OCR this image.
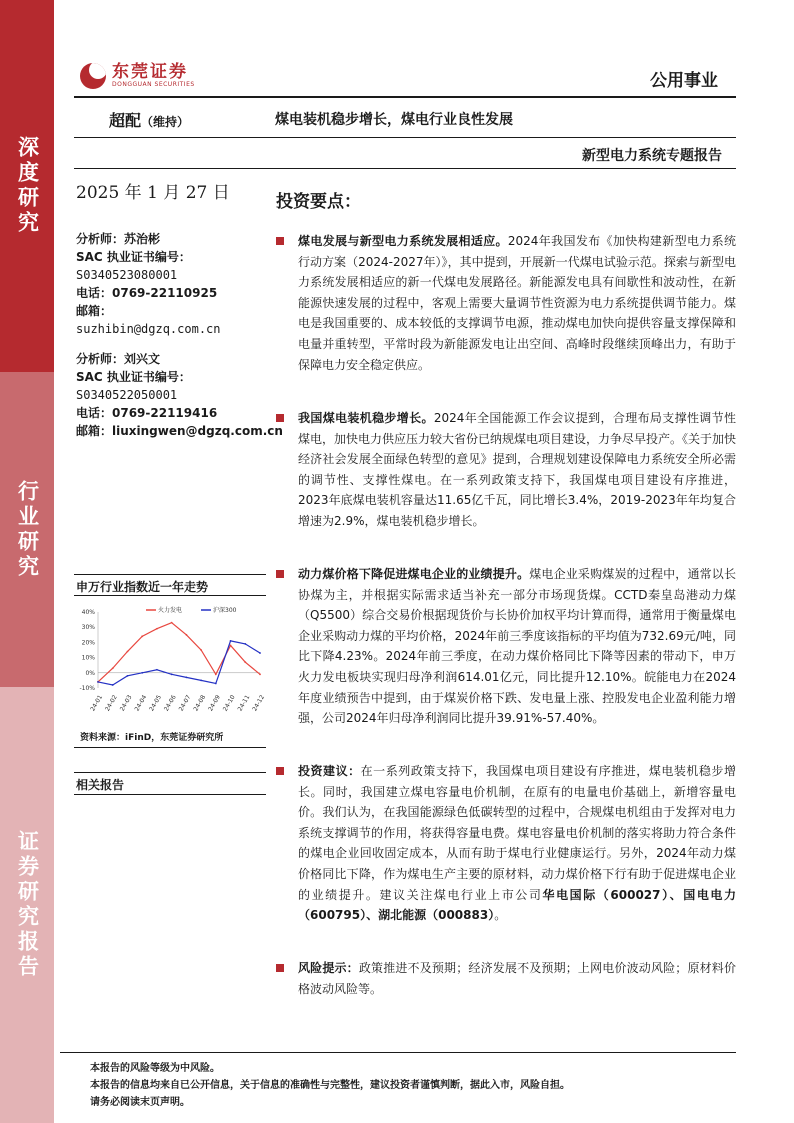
深度研究
行业研究
证券研究报告
东莞证券
DONGGUAN SECURITIES	公用事业
超配（维持）	煤电装机稳步增长，煤电行业良性发展
新型电力系统专题报告
2025 年 1 月 27 日
分析师：苏治彬
SAC 执业证书编号：
S0340523080001
电话：0769-22110925
邮箱：
suzhibin@dgzq.com.cn
分析师：刘兴文
SAC 执业证书编号：
S0340522050001
电话：0769-22119416
邮箱：liuxingwen@dgzq.com.cn
申万行业指数近一年走势
40%
30%
20%
10%
0%
-10%
24-01 24-02 24-03 24-04 24-05 24-06 24-07 24-08 24-09 24-10 24-11 24-12
火力发电	沪深300
资料来源：iFinD，东莞证券研究所
相关报告
投资要点：
煤电发展与新型电力系统发展相适应。2024年我国发布《加快构建新型电力系统行动方案（2024-2027年）》，其中提到，开展新一代煤电试验示范。探索与新型电力系统发展相适应的新一代煤电发展路径。新能源发电具有间歇性和波动性，在新能源快速发展的过程中，客观上需要大量调节性资源为电力系统提供调节能力。煤电是我国重要的、成本较低的支撑调节电源，推动煤电加快向提供容量支撑保障和电量并重转型，平常时段为新能源发电让出空间、高峰时段继续顶峰出力，有助于保障电力安全稳定供应。
我国煤电装机稳步增长。2024年全国能源工作会议提到，合理布局支撑性调节性煤电，加快电力供应压力较大省份已纳规煤电项目建设，力争尽早投产。《关于加快经济社会发展全面绿色转型的意见》提到，合理规划建设保障电力系统安全所必需的调节性、支撑性煤电。在一系列政策支持下，我国煤电项目建设有序推进，2023年底煤电装机容量达11.65亿千瓦，同比增长3.4%，2019-2023年年均复合增速为2.9%，煤电装机稳步增长。
动力煤价格下降促进煤电企业的业绩提升。煤电企业采购煤炭的过程中，通常以长协煤为主，并根据实际需求适当补充一部分市场现货煤。CCTD秦皇岛港动力煤（Q5500）综合交易价根据现货价与长协价加权平均计算而得，通常用于衡量煤电企业采购动力煤的平均价格，2024年前三季度该指标的平均值为732.69元/吨，同比下降4.23%。2024年前三季度，在动力煤价格同比下降等因素的带动下，申万火力发电板块实现归母净利润614.01亿元，同比提升12.10%。皖能电力在2024年度业绩预告中提到，由于煤炭价格下跌、发电量上涨、控股发电企业盈利能力增强，公司2024年归母净利润同比提升39.91%-57.40%。
投资建议：在一系列政策支持下，我国煤电项目建设有序推进，煤电装机稳步增长。同时，我国建立煤电容量电价机制，在原有的电量电价基础上，新增容量电价。我们认为，在我国能源绿色低碳转型的过程中，合规煤电机组由于发挥对电力系统支撑调节的作用，将获得容量电费。煤电容量电价机制的落实将助力符合条件的煤电企业回收固定成本，从而有助于煤电行业健康运行。另外，2024年动力煤价格同比下降，作为煤电生产主要的原材料，动力煤价格下行有助于促进煤电企业的业绩提升。建议关注煤电行业上市公司华电国际（600027）、国电电力（600795）、湖北能源（000883）。
风险提示：政策推进不及预期；经济发展不及预期；上网电价波动风险；原材料价格波动风险等。
本报告的风险等级为中风险。
本报告的信息均来自已公开信息，关于信息的准确性与完整性，建议投资者谨慎判断，据此入市，风险自担。
请务必阅读末页声明。
